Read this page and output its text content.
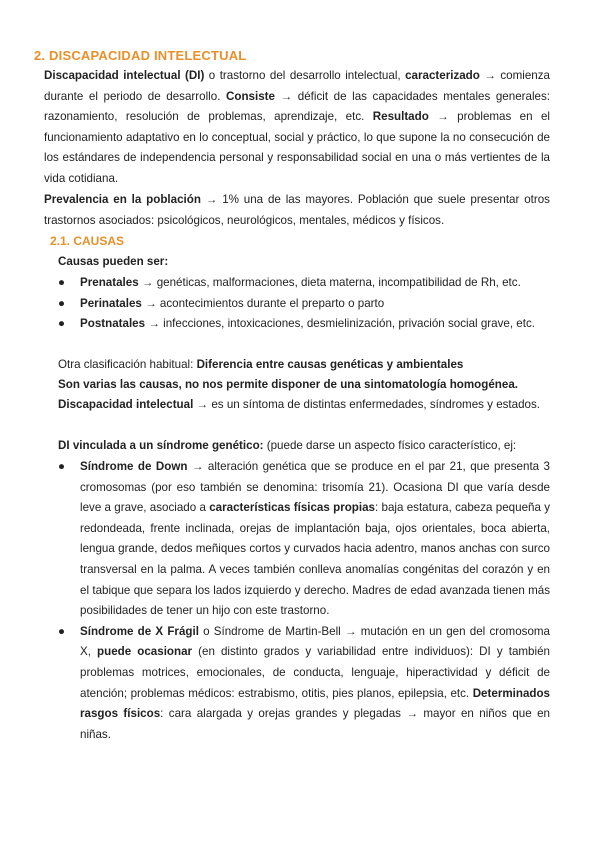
2. DISCAPACIDAD INTELECTUAL

Discapacidad intelectual (DI) o trastorno del desarrollo intelectual, caracterizado → comienza durante el periodo de desarrollo. Consiste → déficit de las capacidades mentales generales: razonamiento, resolución de problemas, aprendizaje, etc. Resultado → problemas en el funcionamiento adaptativo en lo conceptual, social y práctico, lo que supone la no consecución de los estándares de independencia personal y responsabilidad social en una o más vertientes de la vida cotidiana.

Prevalencia en la población → 1% una de las mayores. Población que suele presentar otros trastornos asociados: psicológicos, neurológicos, mentales, médicos y físicos.

2.1. CAUSAS
Causas pueden ser:
● Prenatales → genéticas, malformaciones, dieta materna, incompatibilidad de Rh, etc.
● Perinatales → acontecimientos durante el preparto o parto
● Postnatales → infecciones, intoxicaciones, desmielinización, privación social grave, etc.
Otra clasificación habitual: Diferencia entre causas genéticas y ambientales
Son varias las causas, no nos permite disponer de una sintomatología homogénea.

Discapacidad intelectual → es un síntoma de distintas enfermedades, síndromes y estados.

DI vinculada a un síndrome genético: (puede darse un aspecto físico característico, ej:
● Síndrome de Down → alteración genética que se produce en el par 21, que presenta 3 cromosomas (por eso también se denomina: trisomía 21). Ocasiona DI que varía desde leve a grave, asociado a características físicas propias: baja estatura, cabeza pequeña y redondeada, frente inclinada, orejas de implantación baja, ojos orientales, boca abierta, lengua grande, dedos meñiques cortos y curvados hacia adentro, manos anchas con surco transversal en la palma. A veces también conlleva anomalías congénitas del corazón y en el tabique que separa los lados izquierdo y derecho. Madres de edad avanzada tienen más posibilidades de tener un hijo con este trastorno.
● Síndrome de X Frágil o Síndrome de Martin-Bell → mutación en un gen del cromosoma X, puede ocasionar (en distinto grados y variabilidad entre individuos): DI y también problemas motrices, emocionales, de conducta, lenguaje, hiperactividad y déficit de atención; problemas médicos: estrabismo, otitis, pies planos, epilepsia, etc. Determinados rasgos físicos: cara alargada y orejas grandes y plegadas → mayor en niños que en niñas.
